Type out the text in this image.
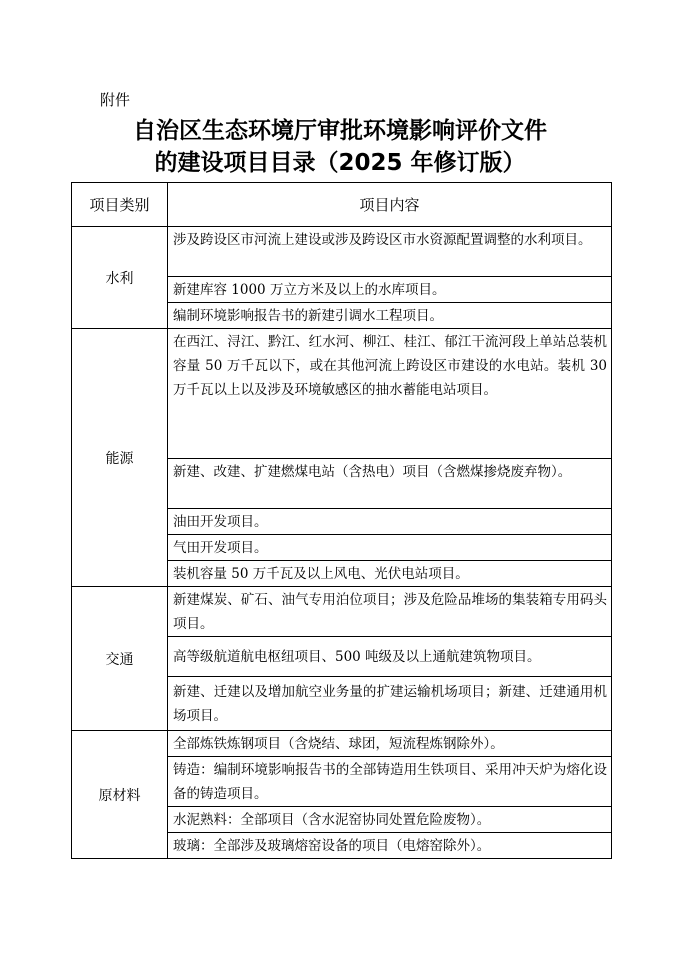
附件
自治区生态环境厅审批环境影响评价文件
的建设项目目录（2025 年修订版）
项目类别	项目内容
水利	涉及跨设区市河流上建设或涉及跨设区市水资源配置调整的水利项目。
	新建库容 1000 万立方米及以上的水库项目。
	编制环境影响报告书的新建引调水工程项目。
能源	在西江、浔江、黔江、红水河、柳江、桂江、郁江干流河段上单站总装机容量 50 万千瓦以下，或在其他河流上跨设区市建设的水电站。装机 30 万千瓦以上以及涉及环境敏感区的抽水蓄能电站项目。
	新建、改建、扩建燃煤电站（含热电）项目（含燃煤掺烧废弃物）。
	油田开发项目。
	气田开发项目。
	装机容量 50 万千瓦及以上风电、光伏电站项目。
交通	新建煤炭、矿石、油气专用泊位项目；涉及危险品堆场的集装箱专用码头项目。
	高等级航道航电枢纽项目、500 吨级及以上通航建筑物项目。
	新建、迁建以及增加航空业务量的扩建运输机场项目；新建、迁建通用机场项目。
原材料	全部炼铁炼钢项目（含烧结、球团，短流程炼钢除外）。
	铸造：编制环境影响报告书的全部铸造用生铁项目、采用冲天炉为熔化设备的铸造项目。
	水泥熟料：全部项目（含水泥窑协同处置危险废物）。
	玻璃：全部涉及玻璃熔窑设备的项目（电熔窑除外）。
